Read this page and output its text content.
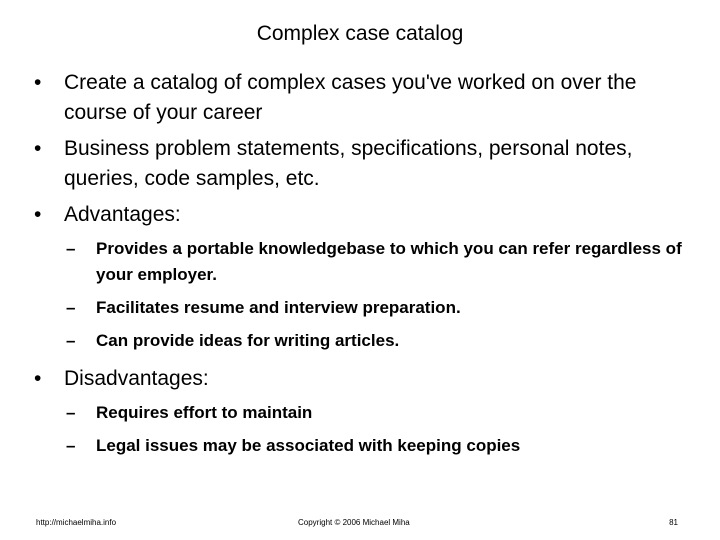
Complex case catalog
• Create a catalog of complex cases you've worked on over the course of your career
• Business problem statements, specifications, personal notes, queries, code samples, etc.
• Advantages:
– Provides a portable knowledgebase to which you can refer regardless of your employer.
– Facilitates resume and interview preparation.
– Can provide ideas for writing articles.
• Disadvantages:
– Requires effort to maintain
– Legal issues may be associated with keeping copies
http://michaelmiha.info	Copyright © 2006 Michael Miha	81
